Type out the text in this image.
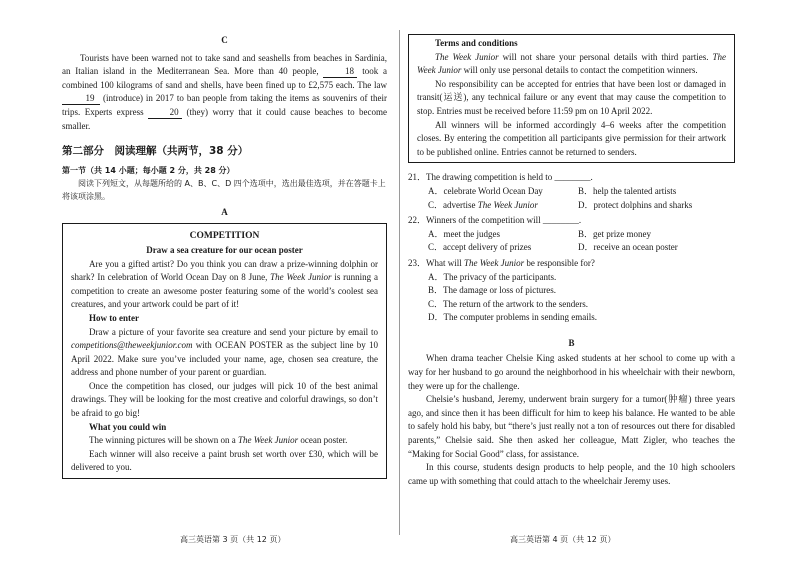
C

Tourists have been warned not to take sand and seashells from beaches in Sardinia, an Italian island in the Mediterranean Sea. More than 40 people,	18 took a combined 100 kilograms of sand and shells, have been fined up to £2,575 each. The law 19 (introduce) in 2017 to ban people from taking the items as souvenirs of their trips. Experts express	20 (they) worry that it could cause beaches to become smaller.

第二部分　阅读理解（共两节，38 分）

第一节（共 14 小题；每小题 2 分，共 28 分）

阅读下列短文，从每题所给的 A、B、C、D 四个选项中，选出最佳选项，并在答题卡上将该项涂黑。

A

COMPETITION

Draw a sea creature for our ocean poster

Are you a gifted artist? Do you think you can draw a prize-winning dolphin or shark? In celebration of World Ocean Day on 8 June, The Week Junior is running a competition to create an awesome poster featuring some of the world’s coolest sea creatures, and your artwork could be part of it!

How to enter

Draw a picture of your favorite sea creature and send your picture by email to competitions@theweekjunior.com with OCEAN POSTER as the subject line by 10 April 2022. Make sure you’ve included your name, age, chosen sea creature, the address and phone number of your parent or guardian.

Once the competition has closed, our judges will pick 10 of the best animal drawings. They will be looking for the most creative and colorful drawings, so don’t be afraid to go big!

What you could win

The winning pictures will be shown on a The Week Junior ocean poster.

Each winner will also receive a paint brush set worth over £30, which will be delivered to you.

Terms and conditions

The Week Junior will not share your personal details with third parties. The Week Junior will only use personal details to contact the competition winners.

No responsibility can be accepted for entries that have been lost or damaged in transit(运送), any technical failure or any event that may cause the competition to stop. Entries must be received before 11:59 pm on 10 April 2022.

All winners will be informed accordingly 4–6 weeks after the competition closes. By entering the competition all participants give permission for their artwork to be published online. Entries cannot be returned to senders.

21．The drawing competition is held to ________.

A．celebrate World Ocean Day	B．help the talented artists
C．advertise The Week Junior	D．protect dolphins and sharks

22．Winners of the competition will ________.

A．meet the judges	B．get prize money
C．accept delivery of prizes	D．receive an ocean poster

23．What will The Week Junior be responsible for?

A．The privacy of the participants.

B．The damage or loss of pictures.

C．The return of the artwork to the senders.

D．The computer problems in sending emails.

B

When drama teacher Chelsie King asked students at her school to come up with a way for her husband to go around the neighborhood in his wheelchair with their newborn, they were up for the challenge.

Chelsie’s husband, Jeremy, underwent brain surgery for a tumor(肿瘤) three years ago, and since then it has been difficult for him to keep his balance. He wanted to be able to safely hold his baby, but “there’s just really not a ton of resources out there for disabled parents,” Chelsie said. She then asked her colleague, Matt Zigler, who teaches the “Making for Social Good” class, for assistance.

In this course, students design products to help people, and the 10 high schoolers came up with something that could attach to the wheelchair Jeremy uses.

高三英语第 3 页（共 12 页）	高三英语第 4 页（共 12 页）
